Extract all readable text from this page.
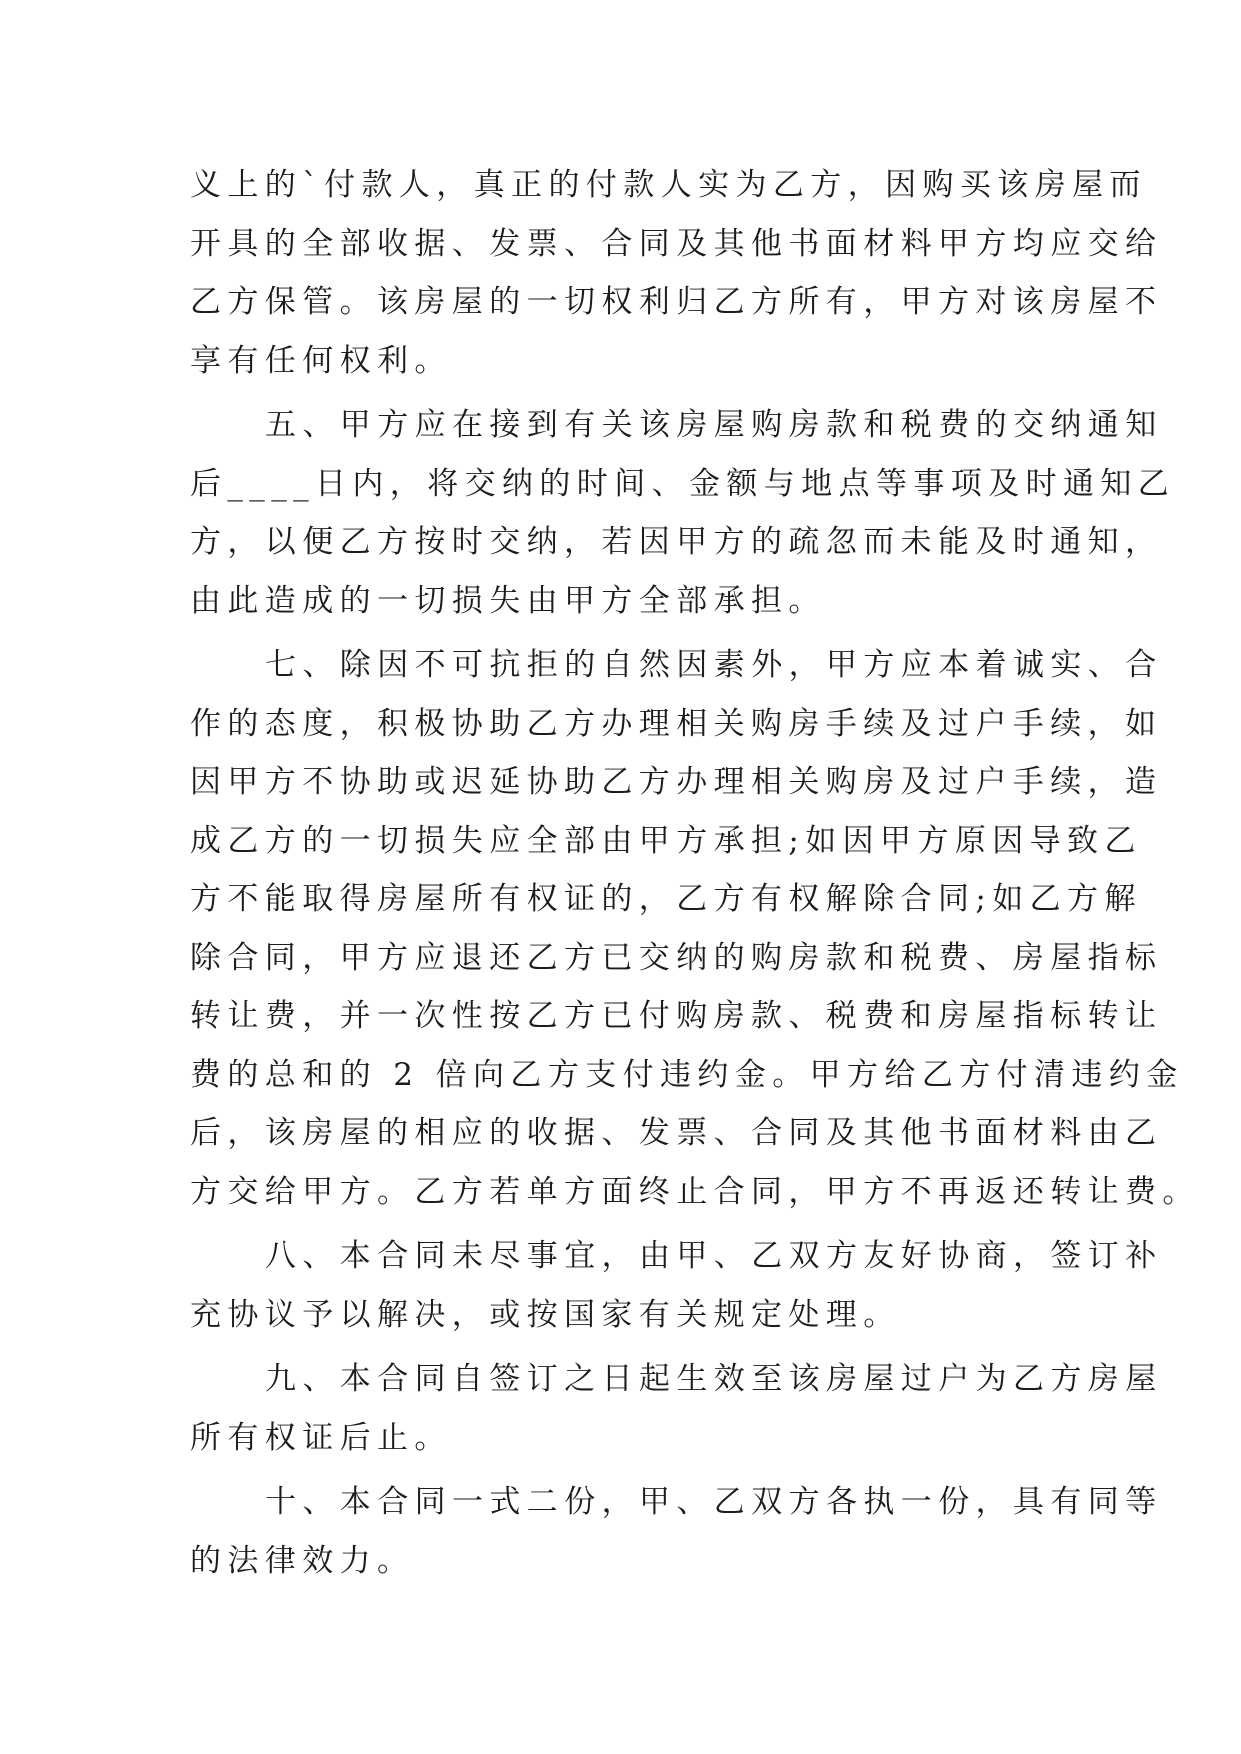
义上的`付款人，真正的付款人实为乙方，因购买该房屋而
开具的全部收据、发票、合同及其他书面材料甲方均应交给
乙方保管。该房屋的一切权利归乙方所有，甲方对该房屋不
享有任何权利。
五、甲方应在接到有关该房屋购房款和税费的交纳通知
后____日内，将交纳的时间、金额与地点等事项及时通知乙
方，以便乙方按时交纳，若因甲方的疏忽而未能及时通知，
由此造成的一切损失由甲方全部承担。
七、除因不可抗拒的自然因素外，甲方应本着诚实、合
作的态度，积极协助乙方办理相关购房手续及过户手续，如
因甲方不协助或迟延协助乙方办理相关购房及过户手续，造
成乙方的一切损失应全部由甲方承担;如因甲方原因导致乙
方不能取得房屋所有权证的，乙方有权解除合同;如乙方解
除合同，甲方应退还乙方已交纳的购房款和税费、房屋指标
转让费，并一次性按乙方已付购房款、税费和房屋指标转让
费的总和的 2 倍向乙方支付违约金。甲方给乙方付清违约金
后，该房屋的相应的收据、发票、合同及其他书面材料由乙
方交给甲方。乙方若单方面终止合同，甲方不再返还转让费。
八、本合同未尽事宜，由甲、乙双方友好协商，签订补
充协议予以解决，或按国家有关规定处理。
九、本合同自签订之日起生效至该房屋过户为乙方房屋
所有权证后止。
十、本合同一式二份，甲、乙双方各执一份，具有同等
的法律效力。
